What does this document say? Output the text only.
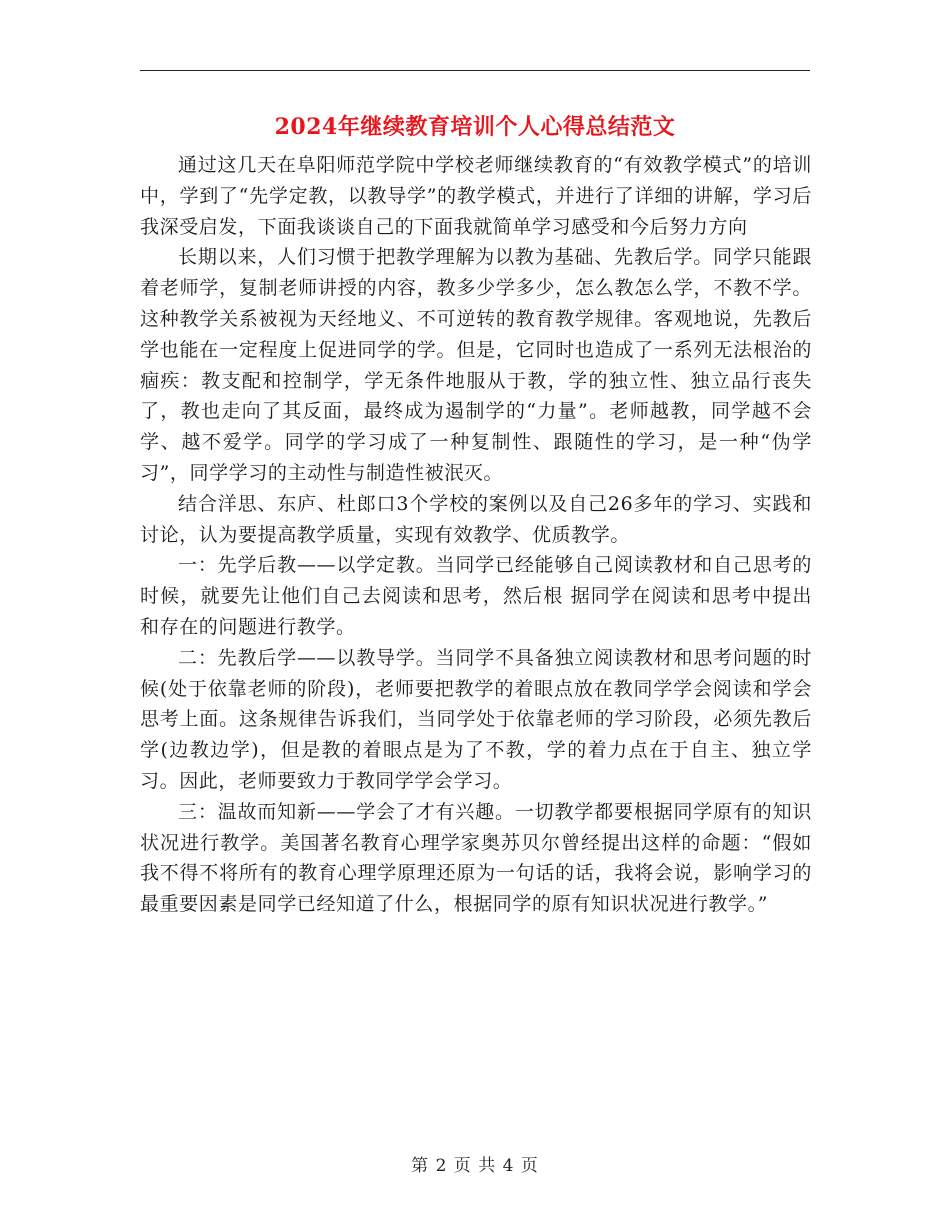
2024年继续教育培训个人心得总结范文

通过这几天在阜阳师范学院中学校老师继续教育的“有效教学模式”的培训中，学到了“先学定教，以教导学”的教学模式，并进行了详细的讲解，学习后我深受启发，下面我谈谈自己的下面我就简单学习感受和今后努力方向

长期以来，人们习惯于把教学理解为以教为基础、先教后学。同学只能跟着老师学，复制老师讲授的内容，教多少学多少，怎么教怎么学，不教不学。这种教学关系被视为天经地义、不可逆转的教育教学规律。客观地说，先教后学也能在一定程度上促进同学的学。但是，它同时也造成了一系列无法根治的痼疾：教支配和控制学，学无条件地服从于教，学的独立性、独立品行丧失了，教也走向了其反面，最终成为遏制学的“力量”。老师越教，同学越不会学、越不爱学。同学的学习成了一种复制性、跟随性的学习，是一种“伪学习”，同学学习的主动性与制造性被泯灭。

结合洋思、东庐、杜郎口3个学校的案例以及自己26多年的学习、实践和讨论，认为要提高教学质量，实现有效教学、优质教学。

一：先学后教——以学定教。当同学已经能够自己阅读教材和自己思考的时候，就要先让他们自己去阅读和思考，然后根 据同学在阅读和思考中提出和存在的问题进行教学。

二：先教后学——以教导学。当同学不具备独立阅读教材和思考问题的时候(处于依靠老师的阶段)，老师要把教学的着眼点放在教同学学会阅读和学会思考上面。这条规律告诉我们，当同学处于依靠老师的学习阶段，必须先教后学(边教边学)，但是教的着眼点是为了不教，学的着力点在于自主、独立学习。因此，老师要致力于教同学学会学习。

三：温故而知新——学会了才有兴趣。一切教学都要根据同学原有的知识状况进行教学。美国著名教育心理学家奥苏贝尔曾经提出这样的命题：“假如我不得不将所有的教育心理学原理还原为一句话的话，我将会说，影响学习的最重要因素是同学已经知道了什么，根据同学的原有知识状况进行教学。”

第 2 页 共 4 页
